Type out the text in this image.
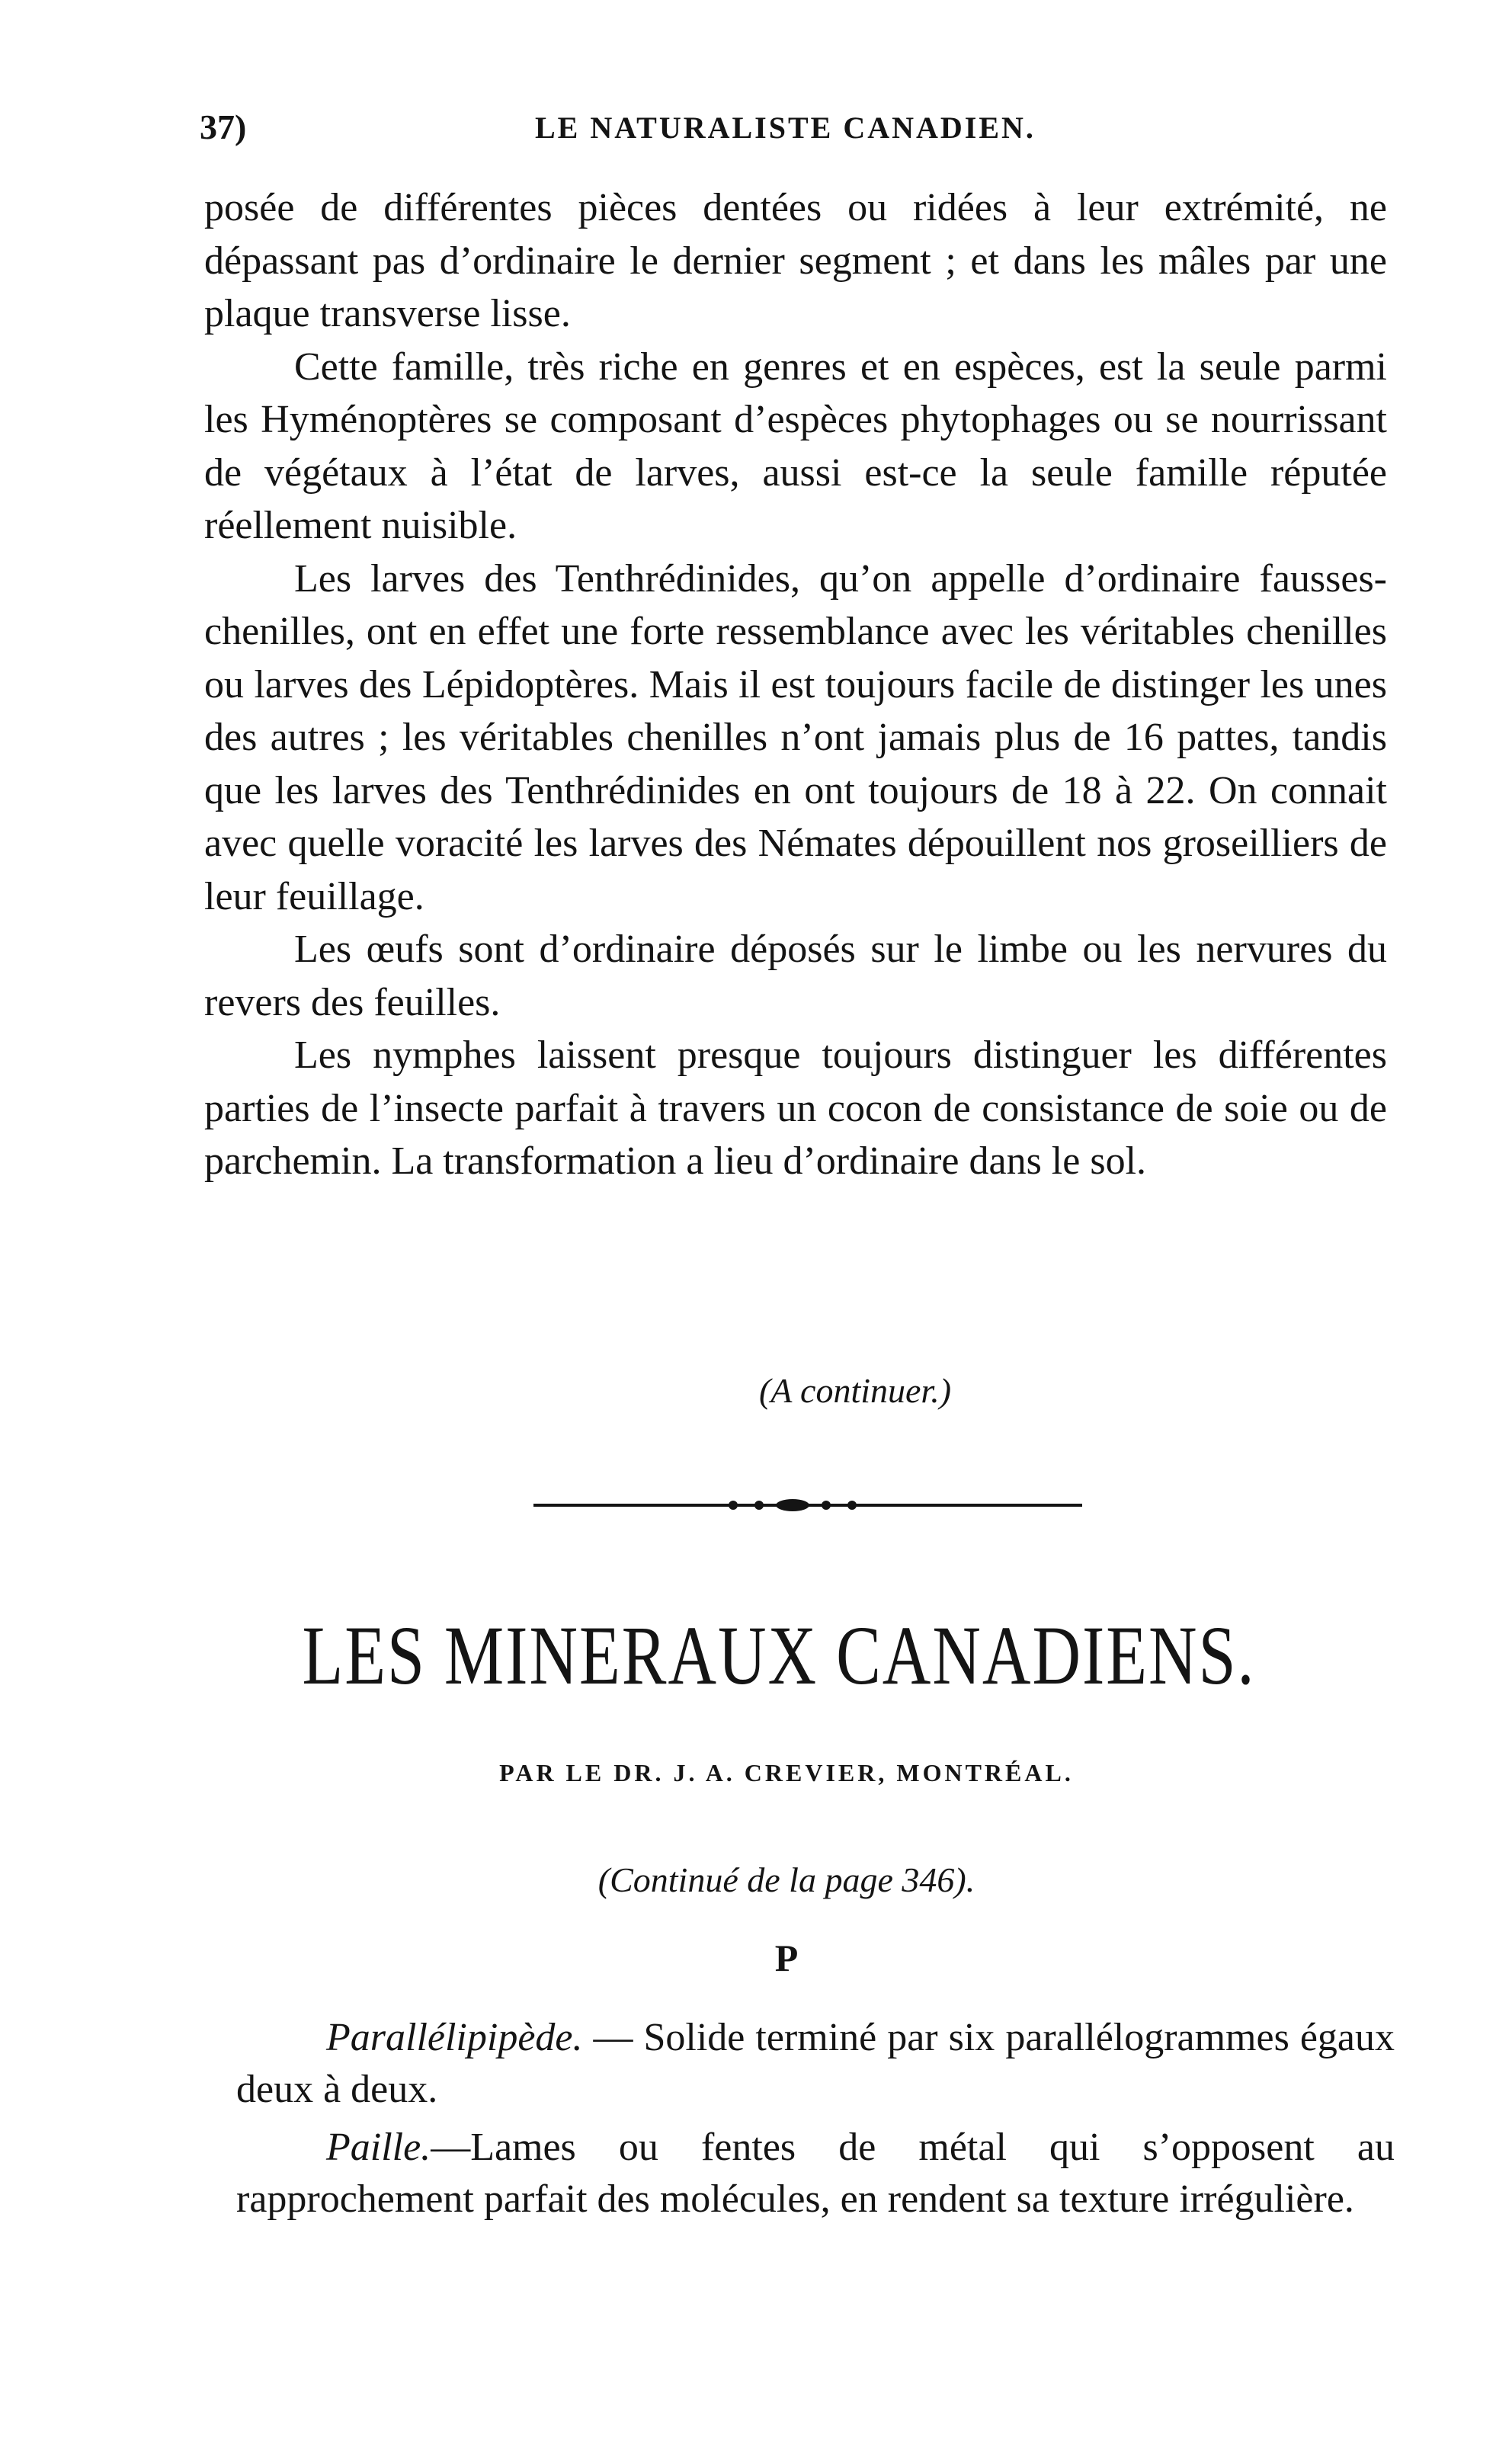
37)	LE NATURALISTE CANADIEN.

posée de différentes pièces dentées ou ridées à leur extrémité, ne dépassant pas d’ordinaire le dernier segment ; et dans les mâles par une plaque transverse lisse.

Cette famille, très riche en genres et en espèces, est la seule parmi les Hyménoptères se composant d’espèces phytophages ou se nourrissant de végétaux à l’état de larves, aussi est-ce la seule famille réputée réellement nuisible.

Les larves des Tenthrédinides, qu’on appelle d’ordinaire fausses-chenilles, ont en effet une forte ressemblance avec les véritables chenilles ou larves des Lépidoptères. Mais il est toujours facile de distinger les unes des autres ; les véritables chenilles n’ont jamais plus de 16 pattes, tandis que les larves des Tenthrédinides en ont toujours de 18 à 22. On connait avec quelle voracité les larves des Némates dépouillent nos groseilliers de leur feuillage.

Les œufs sont d’ordinaire déposés sur le limbe ou les nervures du revers des feuilles.

Les nymphes laissent presque toujours distinguer les différentes parties de l’insecte parfait à travers un cocon de consistance de soie ou de parchemin. La transformation a lieu d’ordinaire dans le sol.

(A continuer.)
LES MINERAUX CANADIENS.
PAR LE DR. J. A. CREVIER, MONTRÉAL.
(Continué de la page 346).
P

Parallélipipède. — Solide terminé par six parallélogrammes égaux deux à deux.

Paille.—Lames ou fentes de métal qui s’opposent au rapprochement parfait des molécules, en rendent sa texture irrégulière.
